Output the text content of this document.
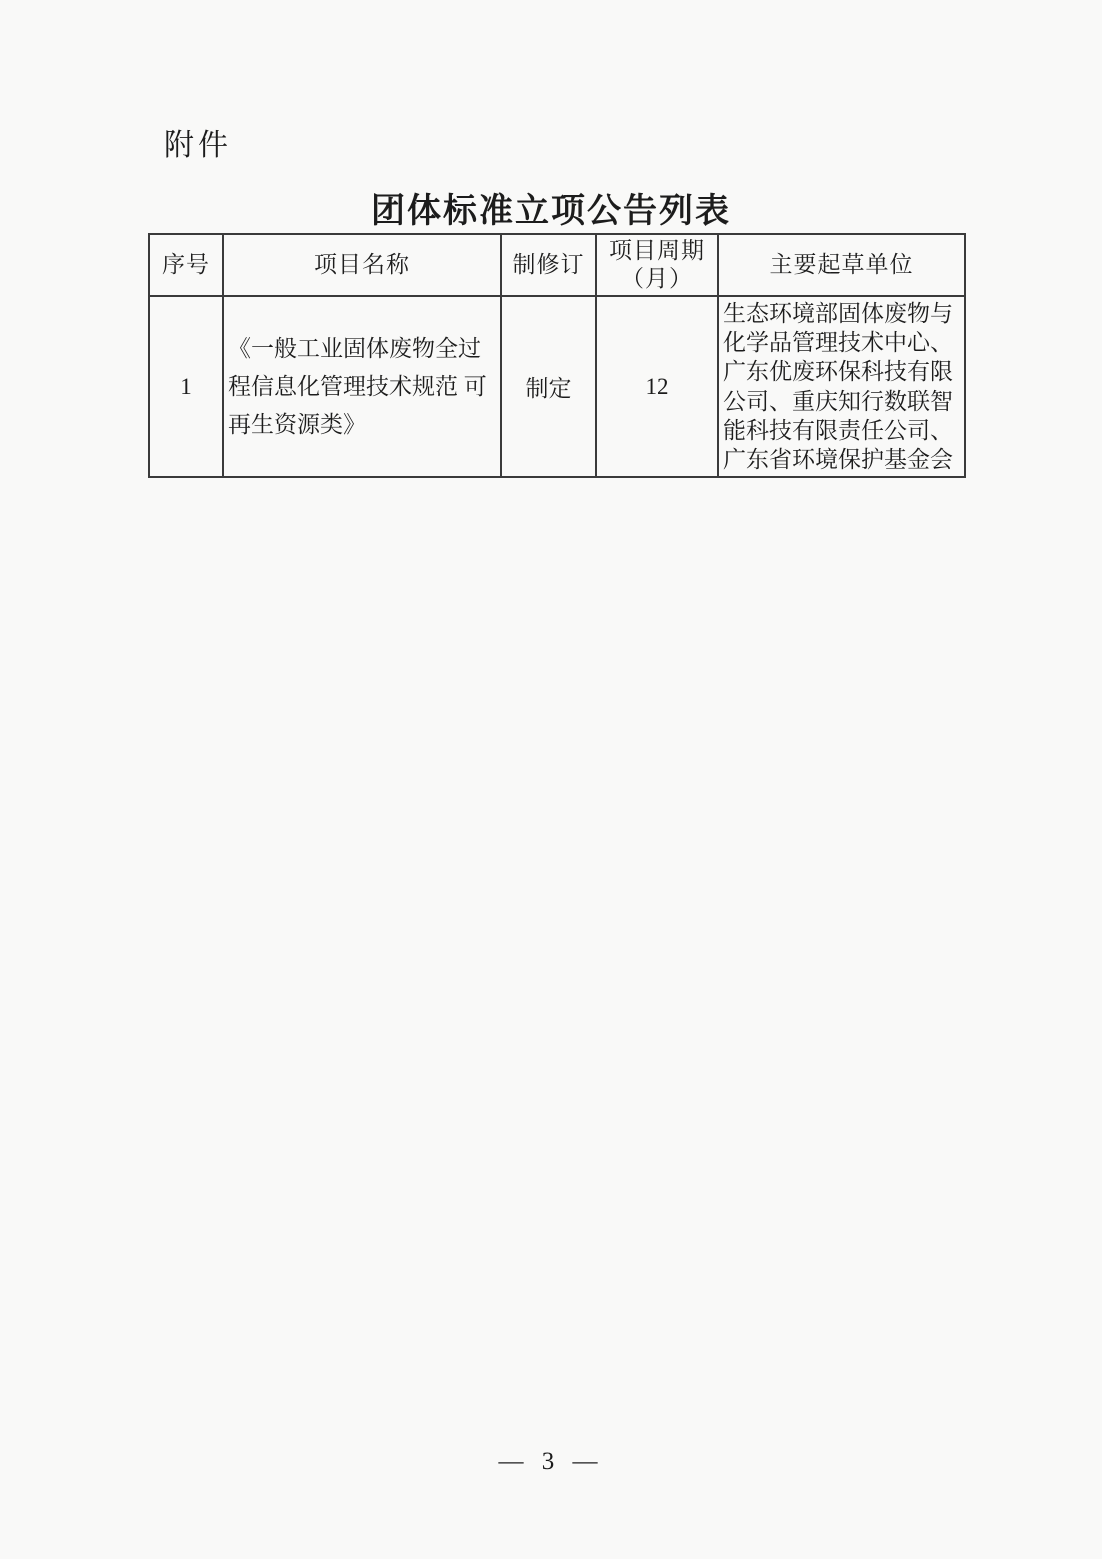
附件
团体标准立项公告列表
序号	项目名称	制修订	项目周期（月）	主要起草单位
1	《一般工业固体废物全过程信息化管理技术规范 可再生资源类》	制定	12	生态环境部固体废物与化学品管理技术中心、广东优废环保科技有限公司、重庆知行数联智能科技有限责任公司、广东省环境保护基金会
— 3 —
